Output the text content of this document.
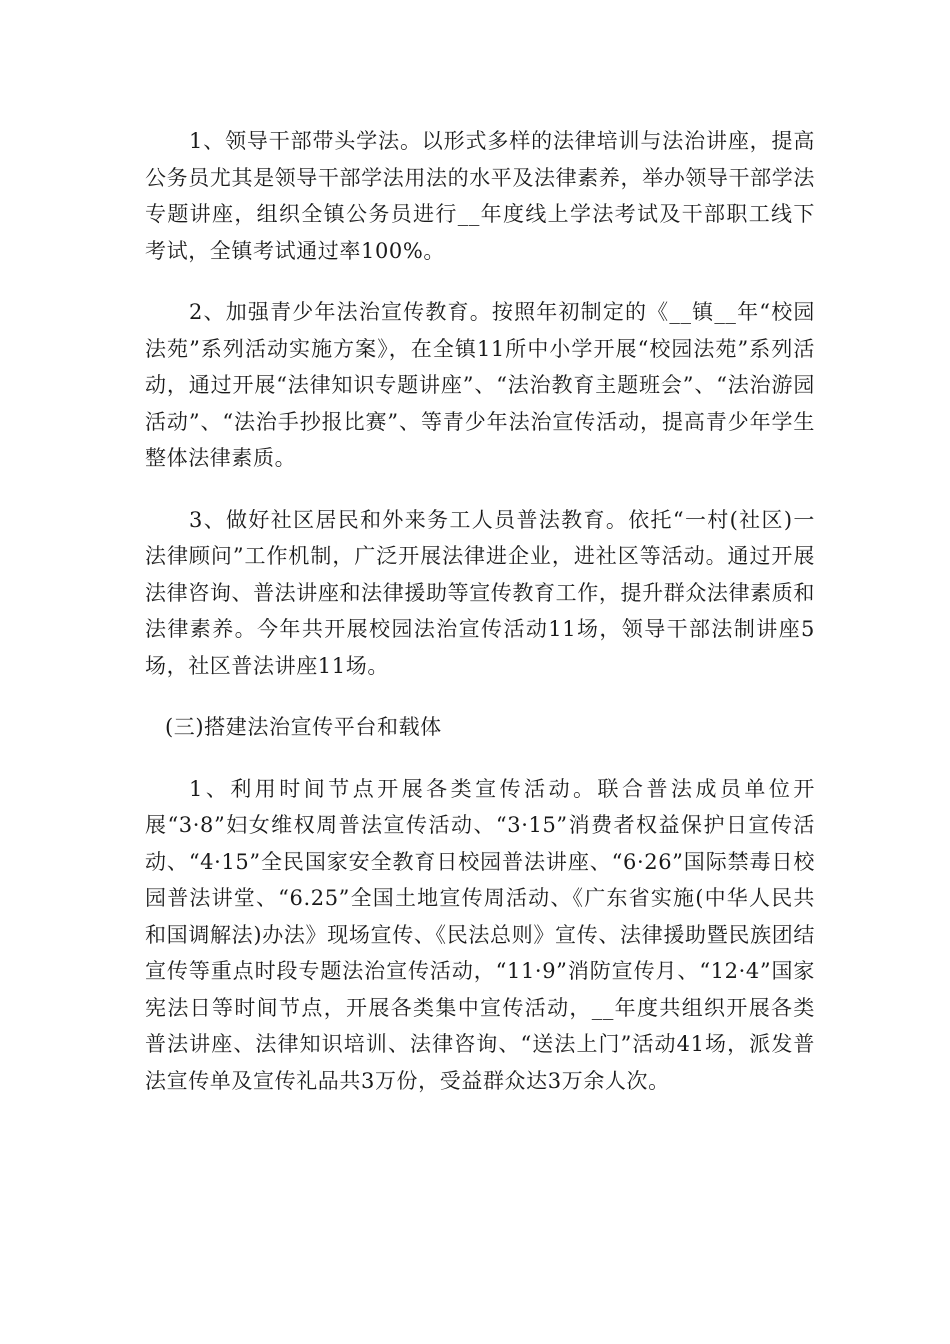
1、领导干部带头学法。以形式多样的法律培训与法治讲座，提高公务员尤其是领导干部学法用法的水平及法律素养，举办领导干部学法专题讲座，组织全镇公务员进行__年度线上学法考试及干部职工线下考试，全镇考试通过率100%。

2、加强青少年法治宣传教育。按照年初制定的《__镇__年“校园法苑”系列活动实施方案》，在全镇11所中小学开展“校园法苑”系列活动，通过开展“法律知识专题讲座”、“法治教育主题班会”、“法治游园活动”、“法治手抄报比赛”、等青少年法治宣传活动，提高青少年学生整体法律素质。

3、做好社区居民和外来务工人员普法教育。依托“一村(社区)一法律顾问”工作机制，广泛开展法律进企业，进社区等活动。通过开展法律咨询、普法讲座和法律援助等宣传教育工作，提升群众法律素质和法律素养。今年共开展校园法治宣传活动11场，领导干部法制讲座5场，社区普法讲座11场。

(三)搭建法治宣传平台和载体

1、利用时间节点开展各类宣传活动。联合普法成员单位开展“3·8”妇女维权周普法宣传活动、“3·15”消费者权益保护日宣传活动、“4·15”全民国家安全教育日校园普法讲座、“6·26”国际禁毒日校园普法讲堂、“6.25”全国土地宣传周活动、《广东省实施(中华人民共和国调解法)办法》现场宣传、《民法总则》宣传、法律援助暨民族团结宣传等重点时段专题法治宣传活动，“11·9”消防宣传月、“12·4”国家宪法日等时间节点，开展各类集中宣传活动，__年度共组织开展各类普法讲座、法律知识培训、法律咨询、“送法上门”活动41场，派发普法宣传单及宣传礼品共3万份，受益群众达3万余人次。
